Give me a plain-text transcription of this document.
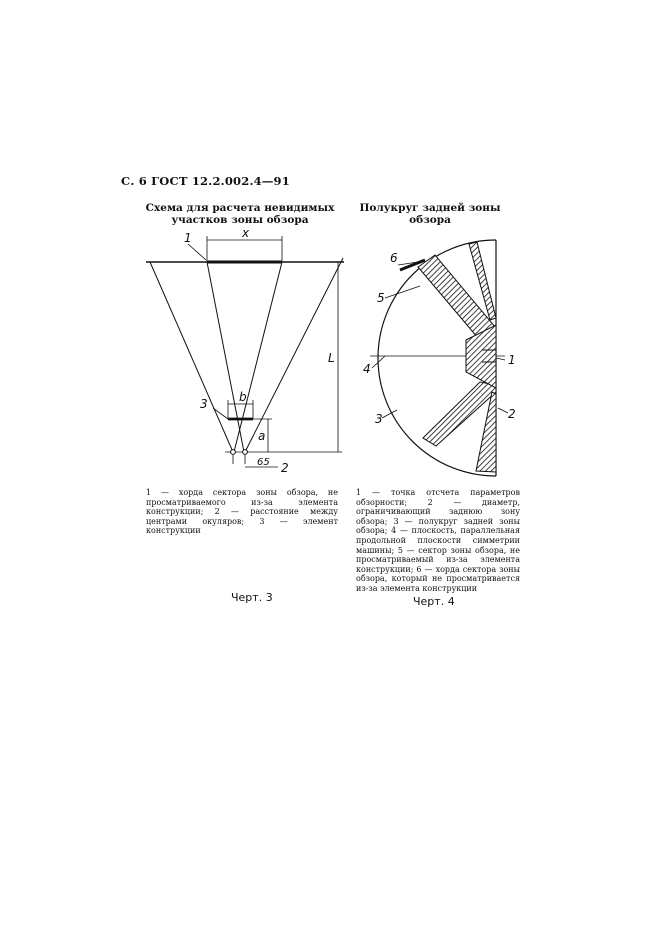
С. 6 ГОСТ 12.2.002.4—91
Схема для расчета невидимых
участков зоны обзора
Полукруг задней зоны обзора
1	x
b
3
a
L
65 2
6
5
4
3
1
2
1 — хорда сектора зоны обзора, не просматриваемого из-за элемента конструкции; 2 — расстояние между центрами окуляров; 3 — элемент конструкции
1 — точка отсчета параметров обзорности; 2 — диаметр, ограничивающий заднюю зону обзора; 3 — полукруг задней зоны обзора; 4 — плоскость, параллельная продольной плоскости симметрии машины; 5 — сектор зоны обзора, не просматриваемый из-за элемента конструкции; 6 — хорда сектора зоны обзора, который не просматривается из-за элемента конструкции
Черт. 3	Черт. 4
